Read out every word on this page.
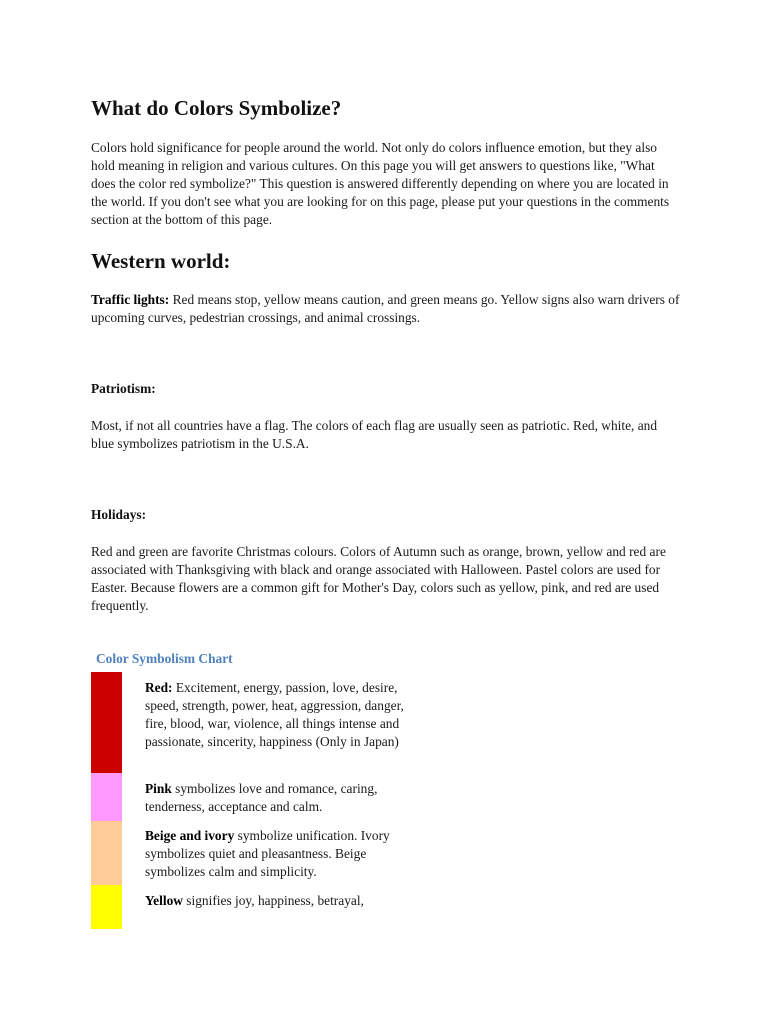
What do Colors Symbolize?

Colors hold significance for people around the world. Not only do colors influence emotion, but they also hold meaning in religion and various cultures. On this page you will get answers to questions like, "What does the color red symbolize?" This question is answered differently depending on where you are located in the world. If you don't see what you are looking for on this page, please put your questions in the comments section at the bottom of this page.

Western world:

Traffic lights: Red means stop, yellow means caution, and green means go. Yellow signs also warn drivers of upcoming curves, pedestrian crossings, and animal crossings.

Patriotism:

Most, if not all countries have a flag. The colors of each flag are usually seen as patriotic. Red, white, and blue symbolizes patriotism in the U.S.A.

Holidays:

Red and green are favorite Christmas colours. Colors of Autumn such as orange, brown, yellow and red are associated with Thanksgiving with black and orange associated with Halloween. Pastel colors are used for Easter. Because flowers are a common gift for Mother's Day, colors such as yellow, pink, and red are used frequently.

Color Symbolism Chart

Red: Excitement, energy, passion, love, desire, speed, strength, power, heat, aggression, danger, fire, blood, war, violence, all things intense and passionate, sincerity, happiness (Only in Japan)

Pink symbolizes love and romance, caring, tenderness, acceptance and calm.

Beige and ivory symbolize unification. Ivory symbolizes quiet and pleasantness. Beige symbolizes calm and simplicity.

Yellow signifies joy, happiness, betrayal,
